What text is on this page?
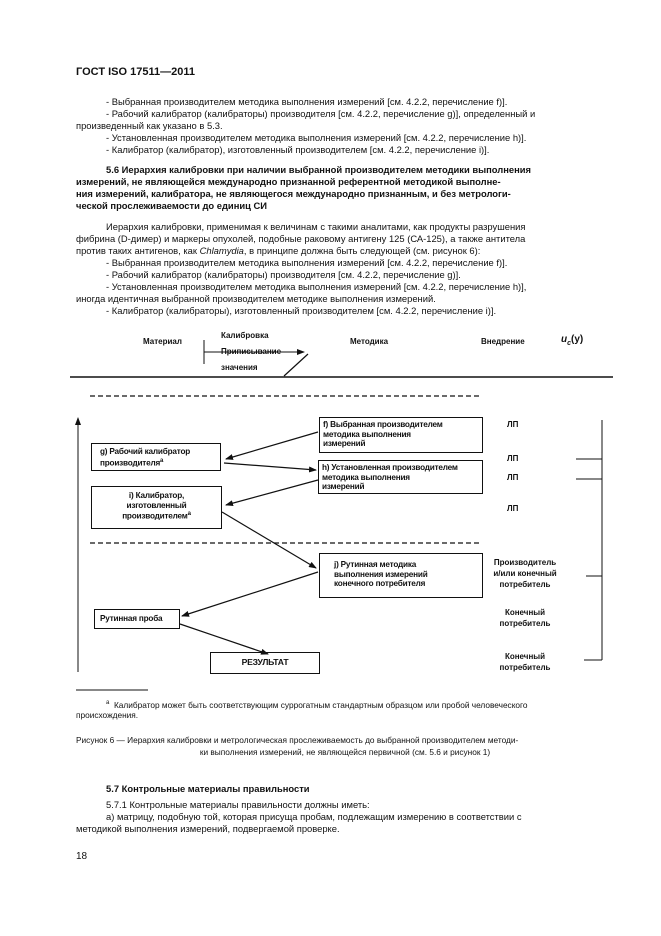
ГОСТ ISO 17511—2011
- Выбранная производителем методика выполнения измерений [см. 4.2.2, перечисление f)].
- Рабочий калибратор (калибраторы) производителя [см. 4.2.2, перечисление g)], определенный и
произведенный как указано в 5.3.
- Установленная производителем методика выполнения измерений [см. 4.2.2, перечисление h)].
- Калибратор (калибратор), изготовленный производителем [см. 4.2.2, перечисление i)].
5.6 Иерархия калибровки при наличии выбранной производителем методики выполнения
измерений, не являющейся международно признанной референтной методикой выполне-
ния измерений, калибратора, не являющегося международно признанным, и без метрологи-
ческой прослеживаемости до единиц СИ
Иерархия калибровки, применимая к величинам с такими аналитами, как продукты разрушения
фибрина (D-димер) и маркеры опухолей, подобные раковому антигену 125 (СА-125), а также антитела
против таких антигенов, как Chlamydia, в принципе должна быть следующей (см. рисунок 6):
- Выбранная производителем методика выполнения измерений [см. 4.2.2, перечисление f)].
- Рабочий калибратор (калибраторы) производителя [см. 4.2.2, перечисление g)].
- Установленная производителем методика выполнения измерений [см. 4.2.2, перечисление h)],
иногда идентичная выбранной производителем методике выполнения измерений.
- Калибратор (калибраторы), изготовленный производителем [см. 4.2.2, перечисление i)].
Материал
Калибровка
Приписывание
значения
Методика	Внедрение	$u_c(y)$
f) Выбранная производителем
методика выполнения
измерений
g) Рабочий калибратор
производителя$^a$
h) Установленная производителем
методика выполнения
измерений
i) Калибратор,
изготовленный
производителем$^a$
j) Рутинная методика
выполнения измерений
конечного потребителя
Рутинная проба
РЕЗУЛЬТАТ
ЛП
ЛП
ЛП
ЛП
Производитель
и/или конечный
потребитель
Конечный
потребитель
Конечный
потребитель
$^a$ Калибратор может быть соответствующим суррогатным стандартным образцом или пробой человеческого
происхождения.
Рисунок 6 — Иерархия калибровки и метрологическая прослеживаемость до выбранной производителем методи-
ки выполнения измерений, не являющейся первичной (см. 5.6 и рисунок 1)
5.7 Контрольные материалы правильности
5.7.1 Контрольные материалы правильности должны иметь:
а) матрицу, подобную той, которая присуща пробам, подлежащим измерению в соответствии с
методикой выполнения измерений, подвергаемой проверке.
18
